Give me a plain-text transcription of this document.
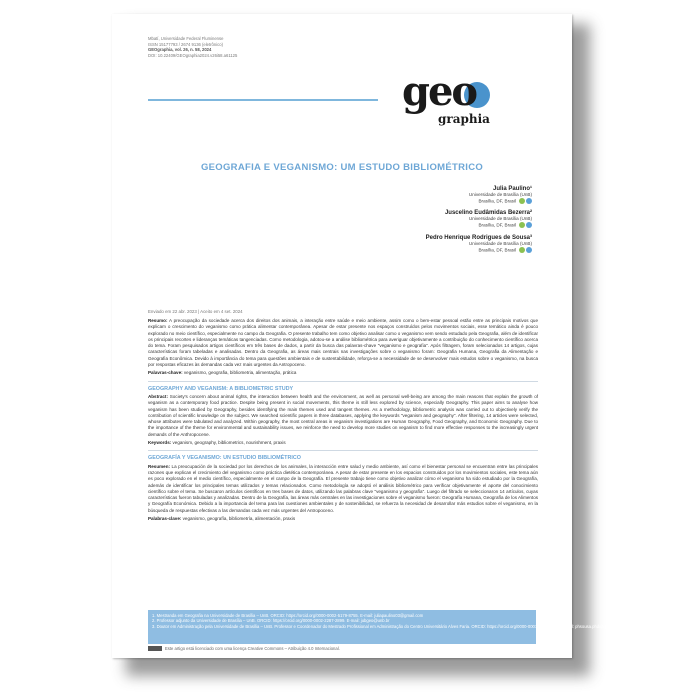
Mbatí, Universidade Federal Fluminense
ISSN 15177793 / 2674 9136 (eletrônico)
GEOgraphia, vol. 26, n. 58, 2024
DOI: 10.22409/GEOgraphia2024.v26i58.a61125
geo
graphia
GEOGRAFIA E VEGANISMO: UM ESTUDO BIBLIOMÉTRICO
Julia Paulino¹
Universidade de Brasília (UnB)
Brasília, DF, Brasil
Juscelino Eudâmidas Bezerra²
Universidade de Brasília (UnB)
Brasília, DF, Brasil
Pedro Henrique Rodrigues de Sousa³
Universidade de Brasília (UnB)
Brasília, DF, Brasil
Enviado em 22 abr. 2023 | Aceito em 4 set. 2024

Resumo: A preocupação da sociedade acerca dos direitos dos animais, a interação entre saúde e meio ambiente, assim como o bem-estar pessoal estão entre as principais motivos que explicam o crescimento do veganismo como prática alimentar contemporânea. Apesar de estar presente nos espaços construídos pelos movimentos sociais, esse temático ainda é pouco explorado no meio científico, especialmente no campo da Geografia. O presente trabalho tem como objetivo analisar como o veganismo vem sendo estudado pela Geografia, além de identificar os principais recortes e lideranças temáticas tangenciadas. Como metodologia, adotou-se a análise bibliométrica para averiguar objetivamente a contribuição do conhecimento científico acerca do tema. Foram pesquisados artigos científicos em três bases de dados, a partir da busca das palavras-chave "veganismo e geografia". Após filtragem, foram selecionados 14 artigos, cujas características foram tabeladas e analisadas. Dentro da Geografia, as áreas mais centrais nas investigações sobre o veganismo foram: Geografia Humana, Geografia da Alimentação e Geografia Econômica. Devido à importância do tema para questões ambientais e de sustentabilidade, reforça-se a necessidade de se desenvolver mais estudos sobre o veganismo, na busca por respostas eficazes às demandas cada vez mais urgentes da Antropoceno.

Palavras-chave: veganismo, geografia, bibliometria, alimentação, prática

GEOGRAPHY AND VEGANISM: A BIBLIOMETRIC STUDY

Abstract: Society's concern about animal rights, the interaction between health and the environment, as well as personal well-being are among the main reasons that explain the growth of veganism as a contemporary food practice. Despite being present in social movements, this theme is still less explored by science, especially Geography. This paper aims to analyse how veganism has been studied by Geography, besides identifying the main themes used and tangent themes. As a methodology, bibliometric analysis was carried out to objectively verify the contribution of scientific knowledge on the subject. We searched scientific papers in three databases, applying the keywords "veganism and geography". After filtering, 14 articles were selected, whose attributes were tabulated and analyzed. Within geography, the most central areas in veganism investigations are Human Geography, Food Geography, and Economic Geography. Due to the importance of the theme for environmental and sustainability issues, we reinforce the need to develop more studies on veganism to find more effective responses to the increasingly urgent demands of the Anthropocene.

Keywords: veganism, geography, bibliometrics, nourishment, praxis

GEOGRAFÍA Y VEGANISMO: UN ESTUDIO BIBLIOMÉTRICO

Resumen: La preocupación de la sociedad por los derechos de los animales, la interacción entre salud y medio ambiente, así como el bienestar personal se encuentran entre las principales razones que explican el crecimiento del veganismo como práctica dietética contemporánea. A pesar de estar presente en los espacios construidos por los movimientos sociales, este tema aún es poco explorado en el medio científico, especialmente en el campo de la Geografía. El presente trabajo tiene como objetivo analizar cómo el veganismo ha sido estudiado por la Geografía, además de identificar los principales temas utilizados y temas relacionados. Como metodología se adoptó el análisis bibliométrico para verificar objetivamente el aporte del conocimiento científico sobre el tema. Se buscaron artículos científicos en tres bases de datos, utilizando las palabras clave "veganismo y geografía". Luego del filtrado se seleccionaron 14 artículos, cuyas características fueron tabuladas y analizadas. Dentro de la Geografía, las áreas más centrales en las investigaciones sobre el veganismo fueron: Geografía Humana, Geografía de los Alimentos y Geografía Económica. Debido a la importancia del tema para las cuestiones ambientales y de sostenibilidad, se refuerza la necesidad de desarrollar más estudios sobre el veganismo, en la búsqueda de respuestas efectivas a las demandas cada vez más urgentes del Antropoceno.

Palabras-clave: veganismo, geografía, bibliometría, alimentación, praxis

1. Mestranda em Geografia na Universidade de Brasília – UnB. ORCID: https://orcid.org/0000-0002-5179-8755. E-mail: juliapaulino03@gmail.com
2. Professor adjunto da Universidade de Brasília – UnB. ORCID: https://orcid.org/0000-0002-2287-2899. E-mail: jubgeo@unb.br
3. Doutor em Administração pela Universidade de Brasília – UnB. Professor e Coordenador do Mestrado Profissional em Administração do Centro Universitário Alves Faria. ORCID: https://orcid.org/0000-0001-7208-4416. E-mail: phsousa.phd@gmail.com
Este artigo está licenciado com uma licença Creative Commons – Atribuição 4.0 Internacional.
